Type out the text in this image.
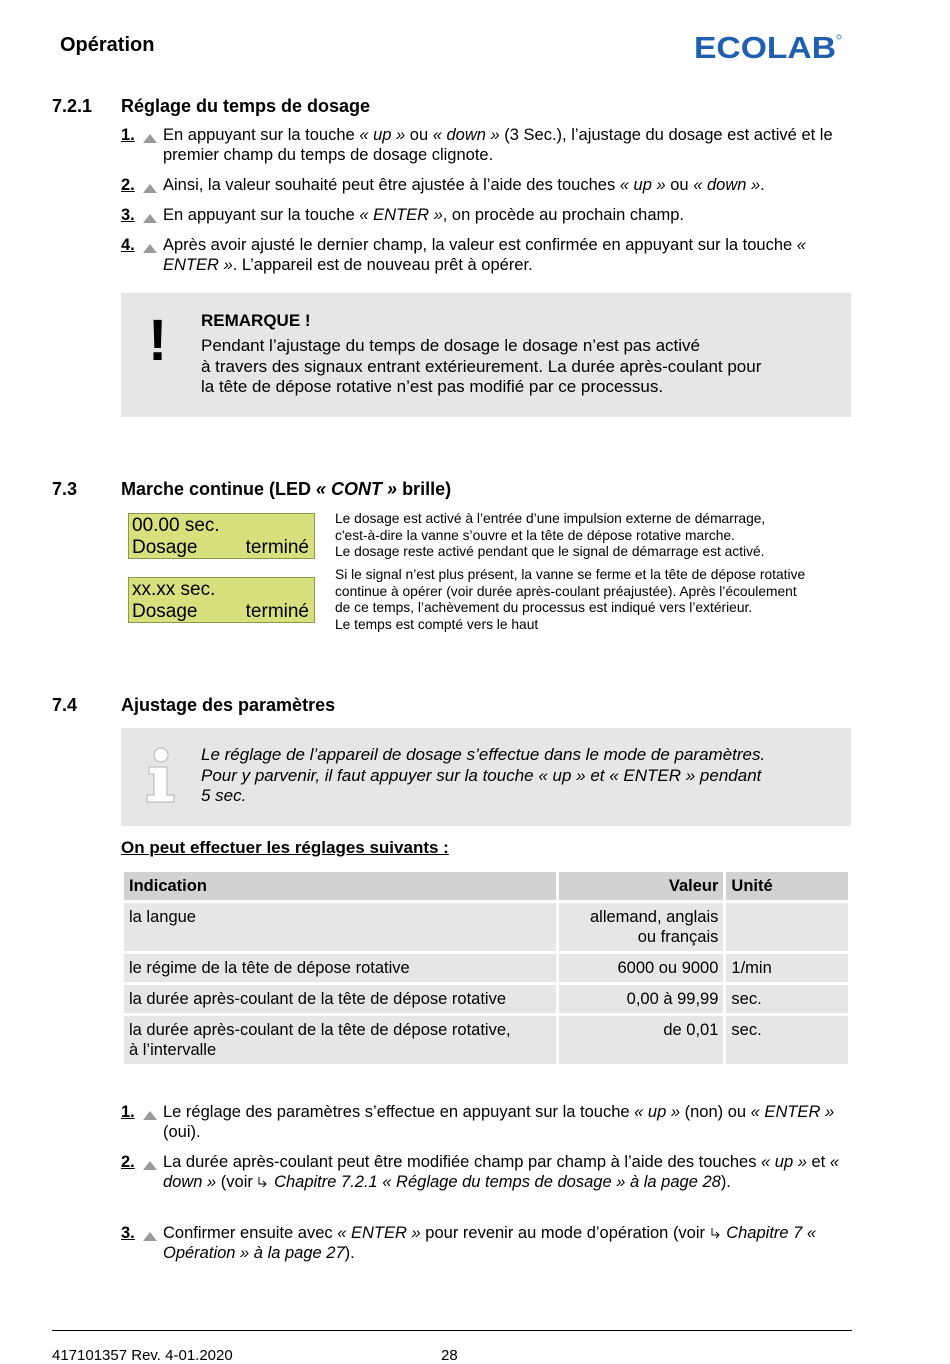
Opération	ECOLAB
7.2.1 Réglage du temps de dosage
1. En appuyant sur la touche « up » ou « down » (3 Sec.), l’ajustage du dosage est activé et le premier champ du temps de dosage clignote.
2. Ainsi, la valeur souhaité peut être ajustée à l’aide des touches « up » ou « down ».
3. En appuyant sur la touche « ENTER », on procède au prochain champ.
4. Après avoir ajusté le dernier champ, la valeur est confirmée en appuyant sur la touche « ENTER ». L’appareil est de nouveau prêt à opérer.
! REMARQUE !
Pendant l’ajustage du temps de dosage le dosage n’est pas activé
à travers des signaux entrant extérieurement. La durée après-coulant pour
la tête de dépose rotative n’est pas modifié par ce processus.
7.3 Marche continue (LED « CONT » brille)
00.00 sec.
Dosage	terminé
xx.xx sec.
Dosage	terminé
Le dosage est activé à l’entrée d’une impulsion externe de démarrage,
c'est-à-dire la vanne s’ouvre et la tête de dépose rotative marche.
Le dosage reste activé pendant que le signal de démarrage est activé.
Si le signal n’est plus présent, la vanne se ferme et la tête de dépose rotative
continue à opérer (voir durée après-coulant préajustée). Après l’écoulement
de ce temps, l’achèvement du processus est indiqué vers l’extérieur.
Le temps est compté vers le haut
7.4 Ajustage des paramètres
Le réglage de l’appareil de dosage s’effectue dans le mode de paramètres.
Pour y parvenir, il faut appuyer sur la touche « up » et « ENTER » pendant
5 sec.
On peut effectuer les réglages suivants :
Indication	Valeur	Unité
la langue	allemand, anglais
ou français	
le régime de la tête de dépose rotative	6000 ou 9000	1/min
la durée après-coulant de la tête de dépose rotative	0,00 à 99,99	sec.
la durée après-coulant de la tête de dépose rotative,
à l’intervalle	de 0,01	sec.
1. Le réglage des paramètres s’effectue en appuyant sur la touche « up » (non) ou « ENTER » (oui).
2. La durée après-coulant peut être modifiée champ par champ à l’aide des touches « up » et « down » (voir  Chapitre 7.2.1 « Réglage du temps de dosage » à la page 28).
3. Confirmer ensuite avec « ENTER » pour revenir au mode d’opération (voir  Chapitre 7 « Opération » à la page 27).
417101357 Rev. 4-01.2020	28
